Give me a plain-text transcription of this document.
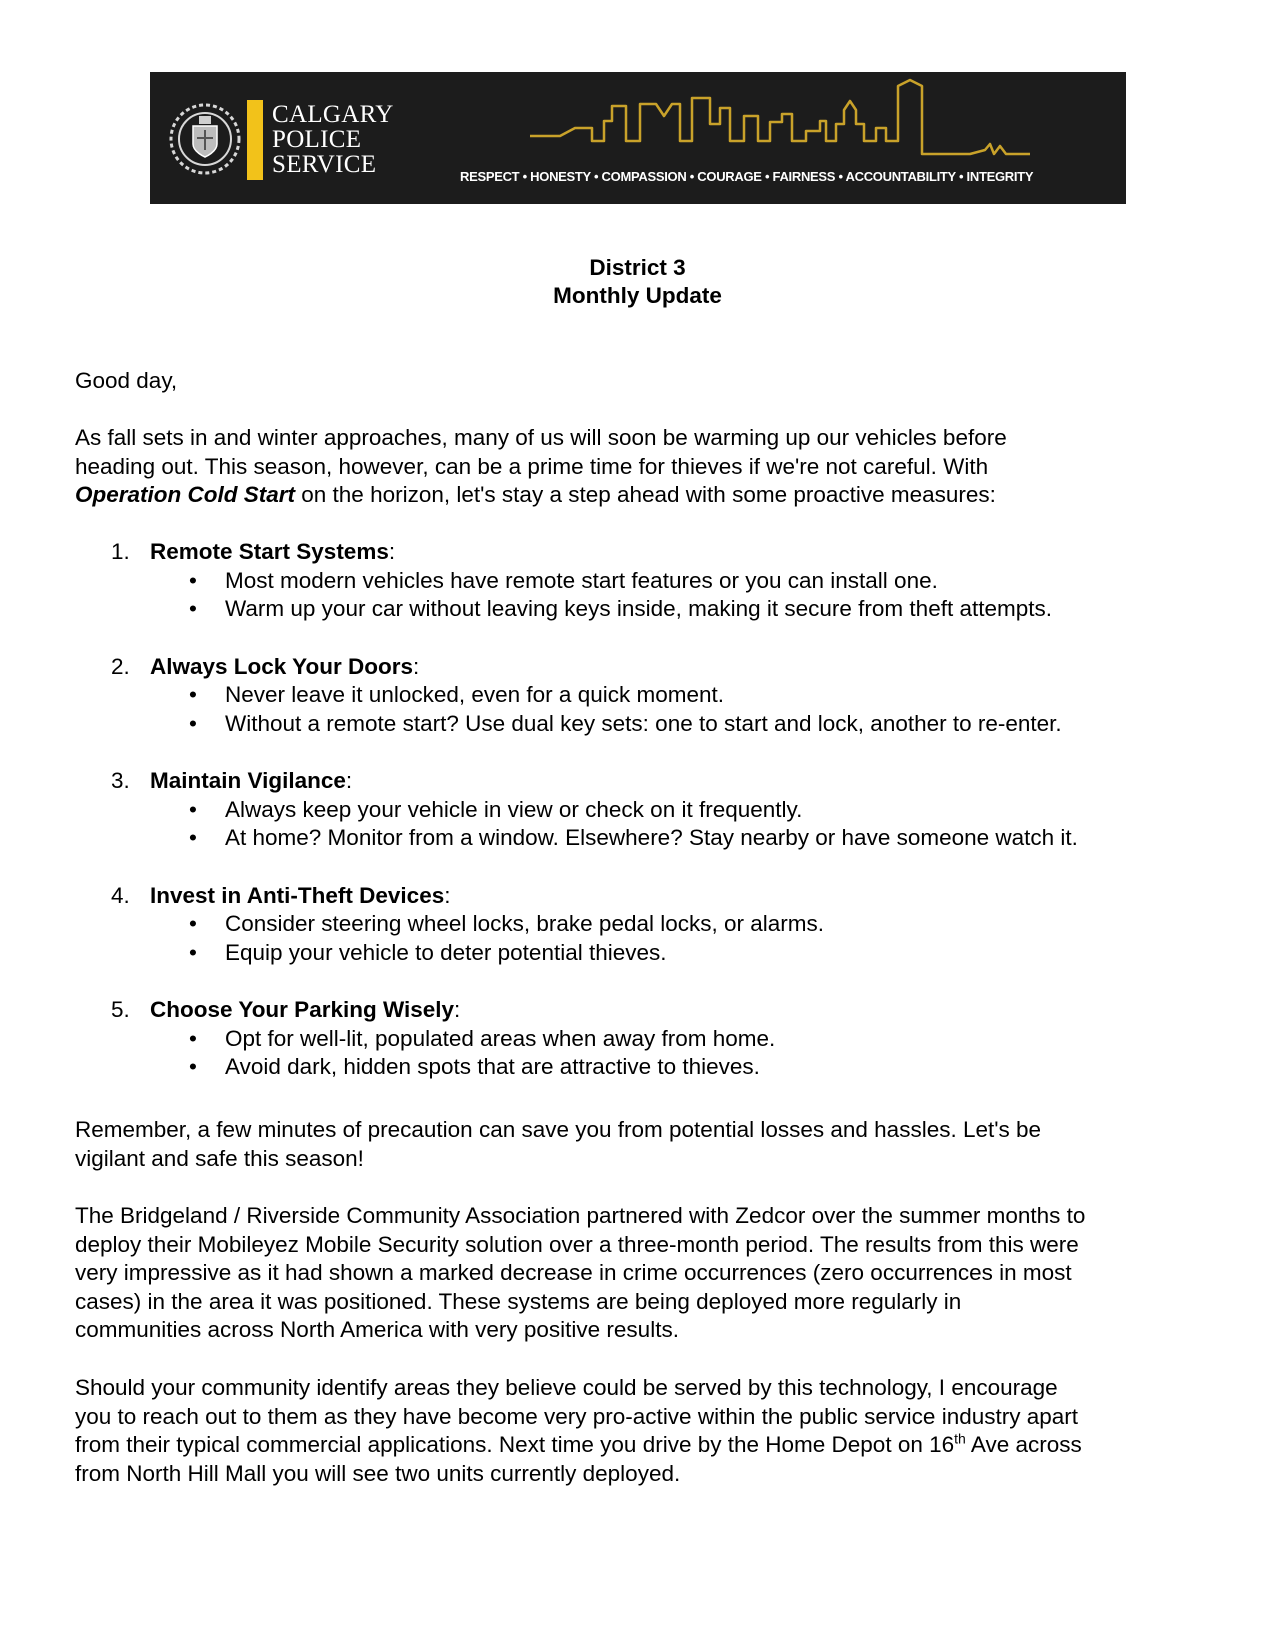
CALGARY
POLICE
SERVICE	RESPECT • HONESTY • COMPASSION • COURAGE • FAIRNESS • ACCOUNTABILITY • INTEGRITY
District 3
Monthly Update

Good day,

As fall sets in and winter approaches, many of us will soon be warming up our vehicles before

heading out. This season, however, can be a prime time for thieves if we're not careful. With

Operation Cold Start on the horizon, let's stay a step ahead with some proactive measures:

1. Remote Start Systems:
• Most modern vehicles have remote start features or you can install one.
• Warm up your car without leaving keys inside, making it secure from theft attempts.
2. Always Lock Your Doors:
• Never leave it unlocked, even for a quick moment.
• Without a remote start? Use dual key sets: one to start and lock, another to re-enter.
3. Maintain Vigilance:
• Always keep your vehicle in view or check on it frequently.
• At home? Monitor from a window. Elsewhere? Stay nearby or have someone watch it.
4. Invest in Anti-Theft Devices:
• Consider steering wheel locks, brake pedal locks, or alarms.
• Equip your vehicle to deter potential thieves.
5. Choose Your Parking Wisely:
• Opt for well-lit, populated areas when away from home.
• Avoid dark, hidden spots that are attractive to thieves.

Remember, a few minutes of precaution can save you from potential losses and hassles. Let's be

vigilant and safe this season!

The Bridgeland / Riverside Community Association partnered with Zedcor over the summer months to

deploy their Mobileyez Mobile Security solution over a three-month period. The results from this were

very impressive as it had shown a marked decrease in crime occurrences (zero occurrences in most

cases) in the area it was positioned. These systems are being deployed more regularly in

communities across North America with very positive results.

Should your community identify areas they believe could be served by this technology, I encourage

you to reach out to them as they have become very pro-active within the public service industry apart

from their typical commercial applications. Next time you drive by the Home Depot on 16th Ave across

from North Hill Mall you will see two units currently deployed.
